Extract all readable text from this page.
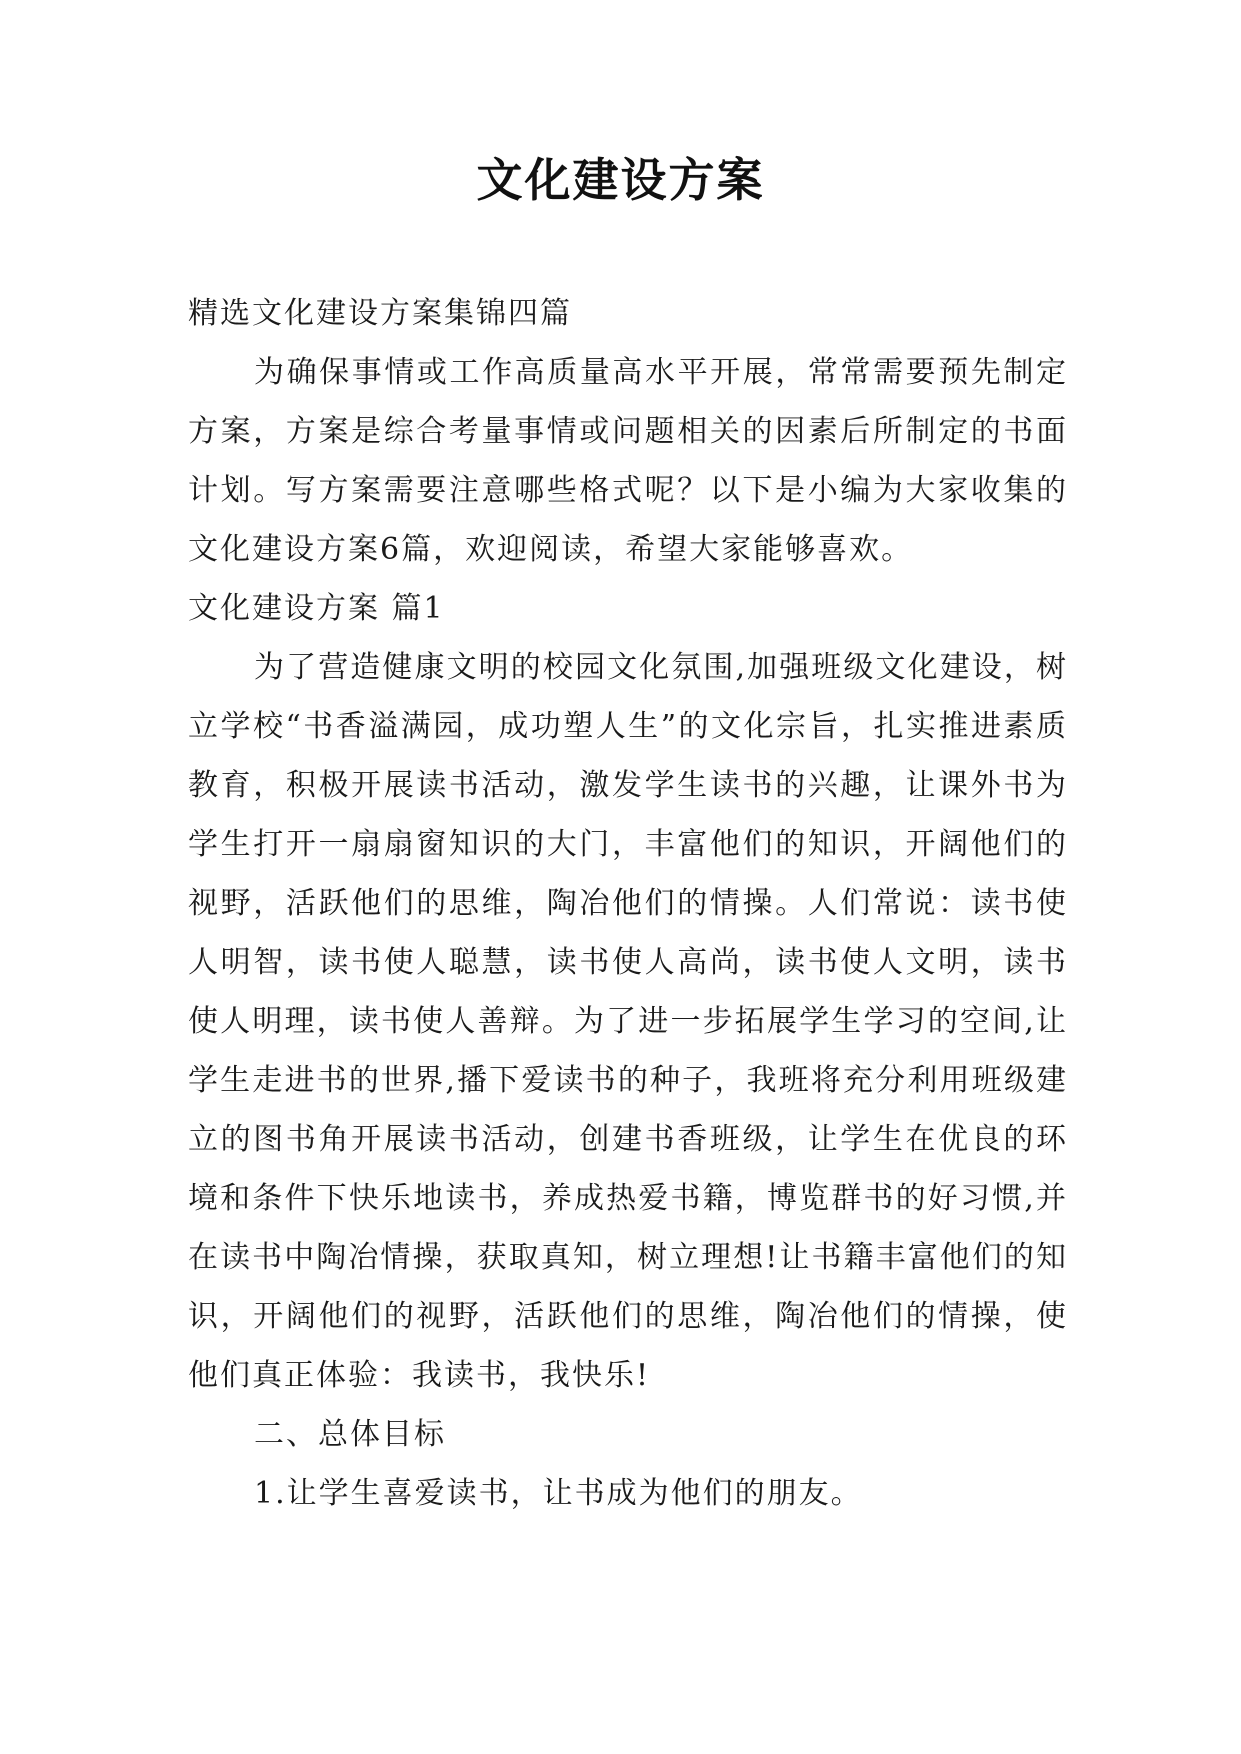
文化建设方案

精选文化建设方案集锦四篇

为确保事情或工作高质量高水平开展，常常需要预先制定方案，方案是综合考量事情或问题相关的因素后所制定的书面计划。写方案需要注意哪些格式呢？以下是小编为大家收集的文化建设方案6篇，欢迎阅读，希望大家能够喜欢。

文化建设方案 篇1

为了营造健康文明的校园文化氛围,加强班级文化建设，树立学校“书香溢满园，成功塑人生”的文化宗旨，扎实推进素质教育，积极开展读书活动，激发学生读书的兴趣，让课外书为学生打开一扇扇窗知识的大门，丰富他们的知识，开阔他们的视野，活跃他们的思维，陶冶他们的情操。人们常说：读书使人明智，读书使人聪慧，读书使人高尚，读书使人文明，读书使人明理，读书使人善辩。为了进一步拓展学生学习的空间,让学生走进书的世界,播下爱读书的种子，我班将充分利用班级建立的图书角开展读书活动，创建书香班级，让学生在优良的环境和条件下快乐地读书，养成热爱书籍，博览群书的好习惯,并在读书中陶冶情操，获取真知，树立理想!让书籍丰富他们的知识，开阔他们的视野，活跃他们的思维，陶冶他们的情操，使他们真正体验：我读书，我快乐!

二、总体目标

1.让学生喜爱读书，让书成为他们的朋友。
